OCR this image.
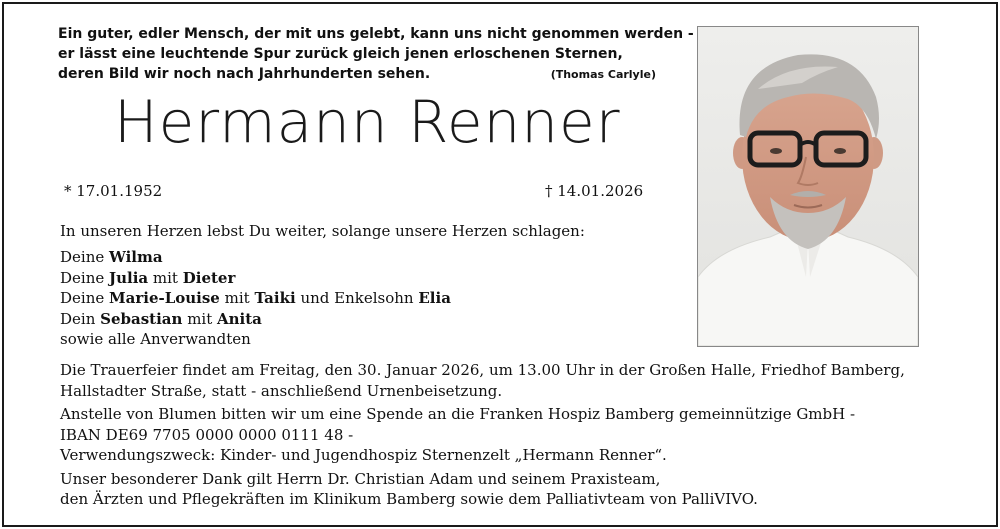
Ein guter, edler Mensch, der mit uns gelebt, kann uns nicht genommen werden -
er lässt eine leuchtende Spur zurück gleich jenen erloschenen Sternen,
deren Bild wir noch nach Jahrhunderten sehen.	(Thomas Carlyle)
Hermann Renner
* 17.01.1952	† 14.01.2026
In unseren Herzen lebst Du weiter, solange unsere Herzen schlagen:
Deine Wilma
Deine Julia mit Dieter
Deine Marie-Louise mit Taiki und Enkelsohn Elia
Dein Sebastian mit Anita
sowie alle Anverwandten
Die Trauerfeier findet am Freitag, den 30. Januar 2026, um 13.00 Uhr in der Großen Halle, Friedhof Bamberg,
Hallstadter Straße, statt - anschließend Urnenbeisetzung.
Anstelle von Blumen bitten wir um eine Spende an die Franken Hospiz Bamberg gemeinnützige GmbH -
IBAN DE69 7705 0000 0000 0111 48 -
Verwendungszweck: Kinder- und Jugendhospiz Sternenzelt „Hermann Renner“.
Unser besonderer Dank gilt Herrn Dr. Christian Adam und seinem Praxisteam,
den Ärzten und Pflegekräften im Klinikum Bamberg sowie dem Palliativteam von PalliVIVO.
